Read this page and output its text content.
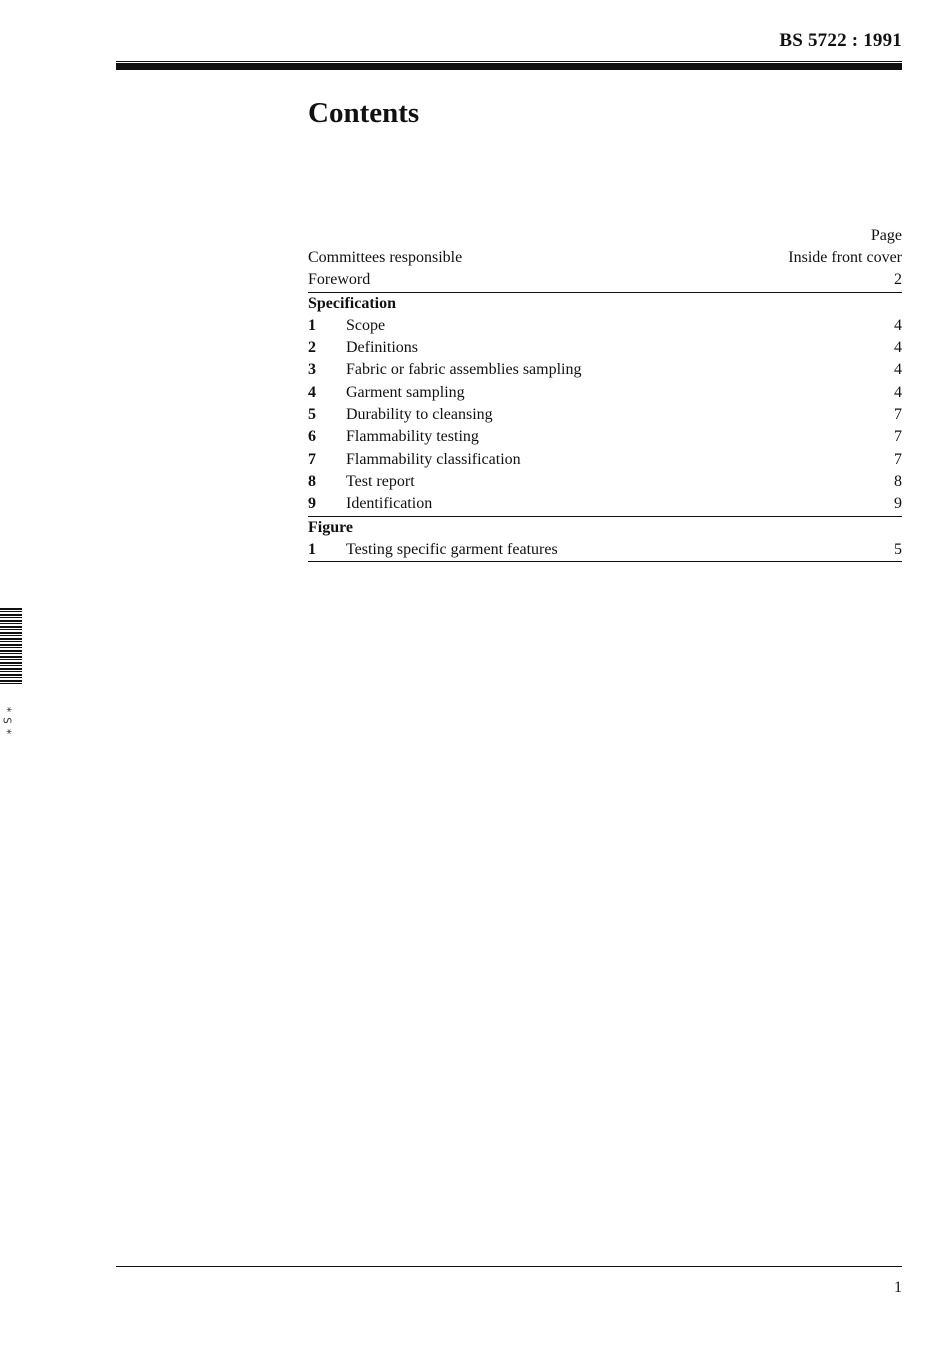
BS 5722 : 1991
Contents
Page
Committees responsible	Inside front cover
Foreword	2
Specification
1	Scope	4
2	Definitions	4
3	Fabric or fabric assemblies sampling	4
4	Garment sampling	4
5	Durability to cleansing	7
6	Flammability testing	7
7	Flammability classification	7
8	Test report	8
9	Identification	9
Figure
1	Testing specific garment features	5
*
S
*
1
